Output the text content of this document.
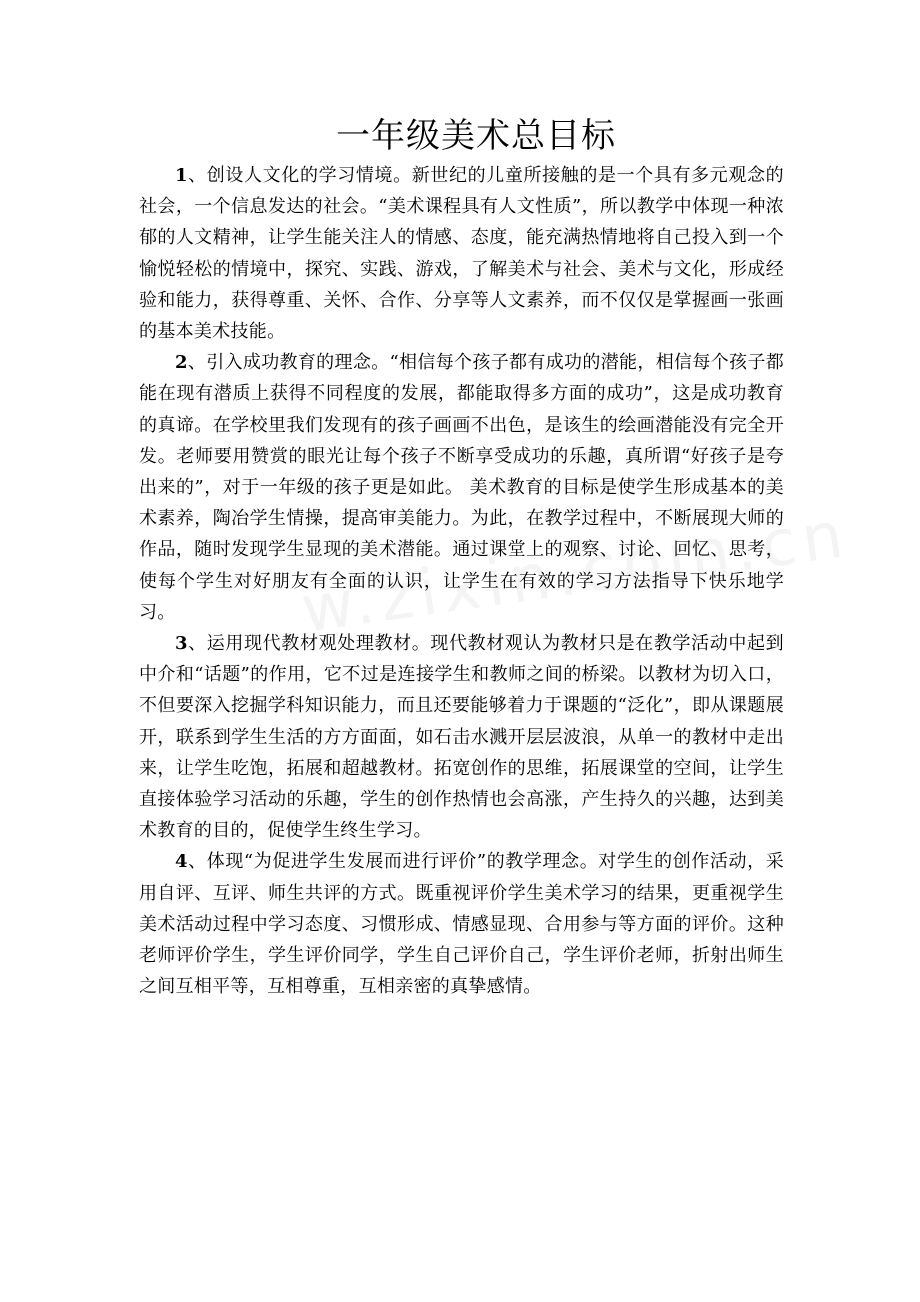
一年级美术总目标

1、创设人文化的学习情境。新世纪的儿童所接触的是一个具有多元观念的社会，一个信息发达的社会。“美术课程具有人文性质”，所以教学中体现一种浓郁的人文精神，让学生能关注人的情感、态度，能充满热情地将自己投入到一个愉悦轻松的情境中，探究、实践、游戏，了解美术与社会、美术与文化，形成经验和能力，获得尊重、关怀、合作、分享等人文素养，而不仅仅是掌握画一张画的基本美术技能。

2、引入成功教育的理念。“相信每个孩子都有成功的潜能，相信每个孩子都能在现有潜质上获得不同程度的发展，都能取得多方面的成功”，这是成功教育的真谛。在学校里我们发现有的孩子画画不出色，是该生的绘画潜能没有完全开发。老师要用赞赏的眼光让每个孩子不断享受成功的乐趣，真所谓“好孩子是夸出来的”，对于一年级的孩子更是如此。 美术教育的目标是使学生形成基本的美术素养，陶冶学生情操，提高审美能力。为此，在教学过程中，不断展现大师的作品，随时发现学生显现的美术潜能。通过课堂上的观察、讨论、回忆、思考，使每个学生对好朋友有全面的认识，让学生在有效的学习方法指导下快乐地学习。

3、运用现代教材观处理教材。现代教材观认为教材只是在教学活动中起到中介和“话题”的作用，它不过是连接学生和教师之间的桥梁。以教材为切入口，不但要深入挖掘学科知识能力，而且还要能够着力于课题的“泛化”，即从课题展开，联系到学生生活的方方面面，如石击水溅开层层波浪，从单一的教材中走出来，让学生吃饱，拓展和超越教材。拓宽创作的思维，拓展课堂的空间，让学生直接体验学习活动的乐趣，学生的创作热情也会高涨，产生持久的兴趣，达到美术教育的目的，促使学生终生学习。

4、体现“为促进学生发展而进行评价”的教学理念。对学生的创作活动，采用自评、互评、师生共评的方式。既重视评价学生美术学习的结果，更重视学生美术活动过程中学习态度、习惯形成、情感显现、合用参与等方面的评价。这种老师评价学生，学生评价同学，学生自己评价自己，学生评价老师，折射出师生之间互相平等，互相尊重，互相亲密的真挚感情。
